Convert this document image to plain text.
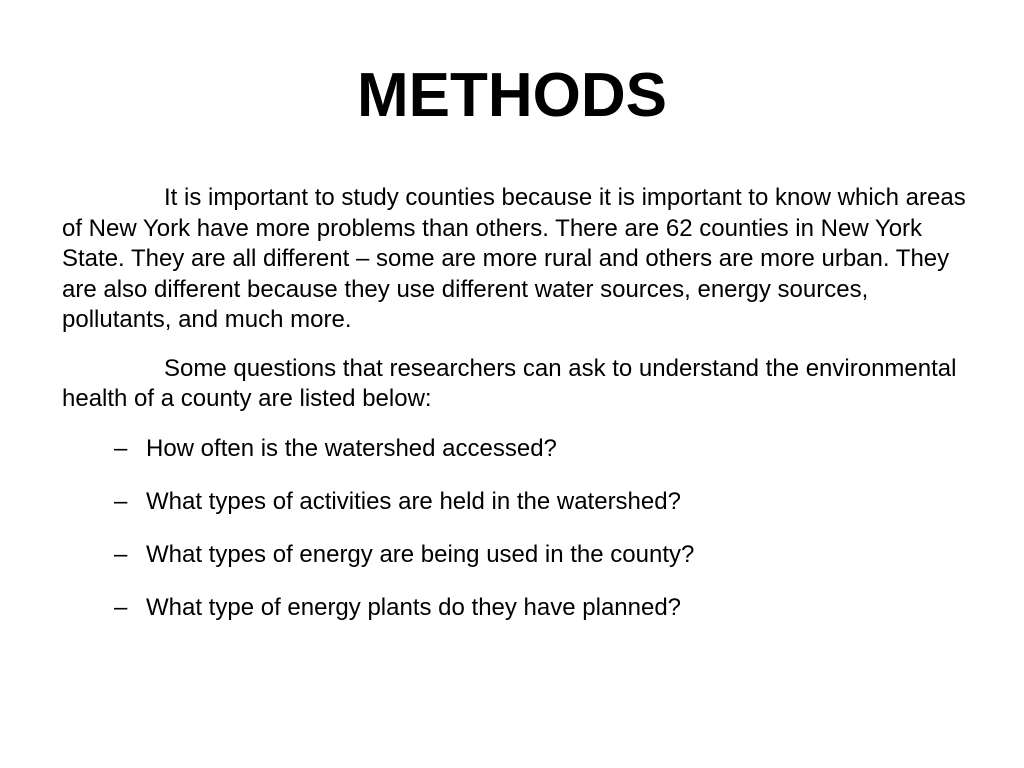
METHODS

It is important to study counties because it is important to know which areas of New York have more problems than others. There are 62 counties in New York State. They are all different – some are more rural and others are more urban. They are also different because they use different water sources, energy sources, pollutants, and much more.

Some questions that researchers can ask to understand the environmental health of a county are listed below:

– How often is the watershed accessed?
– What types of activities are held in the watershed?
– What types of energy are being used in the county?
– What type of energy plants do they have planned?
